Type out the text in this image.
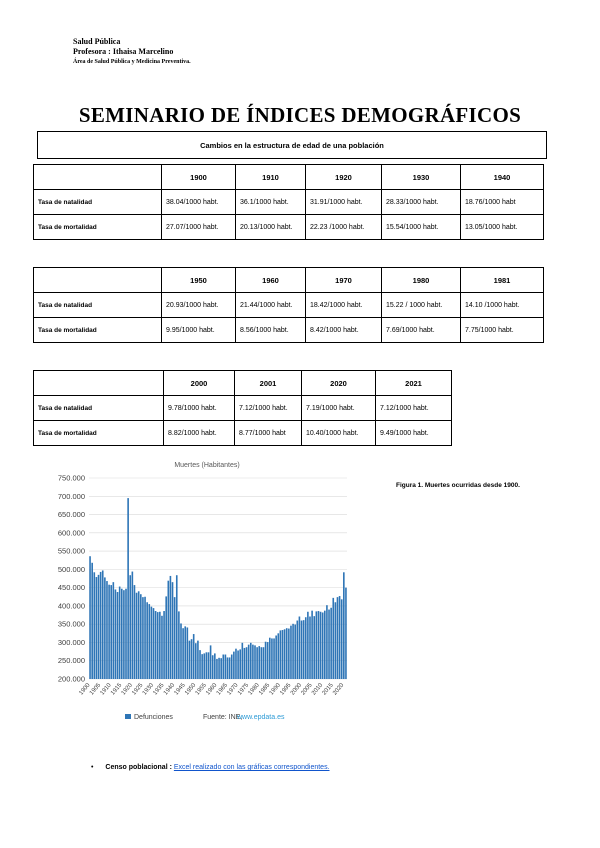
Salud Pública
Profesora : Ithaisa Marcelino
Área de Salud Pública y Medicina Preventiva.
SEMINARIO DE ÍNDICES DEMOGRÁFICOS
Cambios en la estructura de edad de una población
	1900	1910	1920	1930	1940
Tasa de natalidad	38.04/1000 habt.	36.1/1000 habt.	31.91/1000 habt.	28.33/1000 habt.	18.76/1000 habt
Tasa de mortalidad	27.07/1000 habt.	20.13/1000 habt.	22.23 /1000 habt.	15.54/1000 habt.	13.05/1000 habt.
	1950	1960	1970	1980	1981
Tasa de natalidad	20.93/1000 habt.	21.44/1000 habt.	18.42/1000 habt.	15.22 / 1000 habt.	14.10 /1000 habt.
Tasa de mortalidad	9.95/1000 habt.	8.56/1000 habt.	8.42/1000 habt.	7.69/1000 habt.	7.75/1000 habt.
	2000	2001	2020	2021
Tasa de natalidad	9.78/1000 habt.	7.12/1000 habt.	7.19/1000 habt.	7.12/1000 habt.
Tasa de mortalidad	8.82/1000 habt.	8.77/1000 habt	10.40/1000 habt.	9.49/1000 habt.
Muertes (Habitantes)
750.000
700.000
650.000
600.000
550.000
500.000
450.000
400.000
350.000
300.000
250.000
200.000
1900
1905
1910
1915
1920
1925
1930
1935
1940
1945
1950
1955
1960
1965
1970
1975
1980
1985
1990
1995
2000
2005
2010
2015
2020
Defunciones	Fuente: INE,
www.epdata.es
Figura 1. Muertes ocurridas desde 1900.
• Censo poblacional : Excel realizado con las gráficas correspondientes.
